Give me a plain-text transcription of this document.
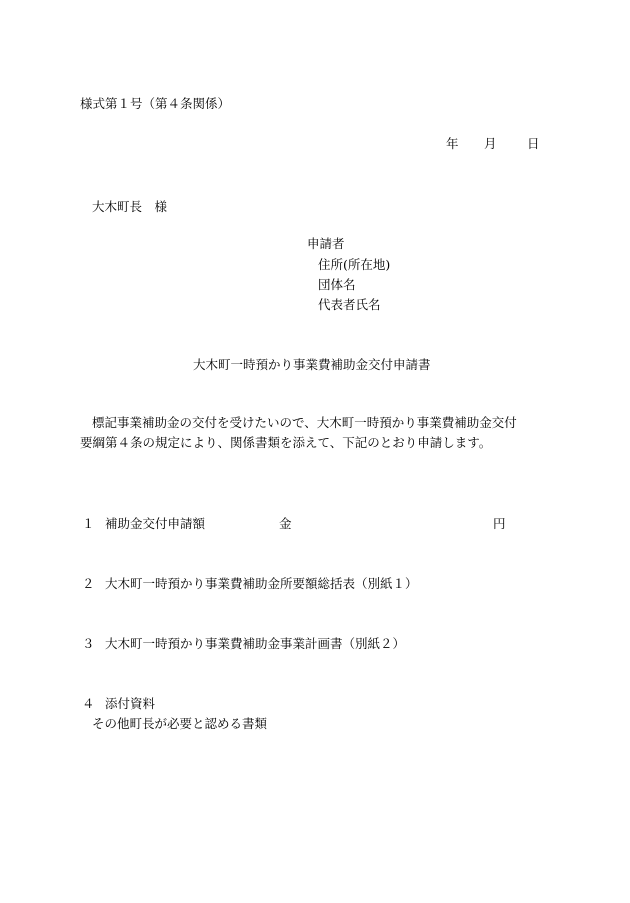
様式第１号（第４条関係）

年 月 日

大木町長　様

申請者

住所(所在地)

団体名

代表者氏名

大木町一時預かり事業費補助金交付申請書

標記事業補助金の交付を受けたいので、大木町一時預かり事業費補助金交付

要綱第４条の規定により、関係書類を添えて、下記のとおり申請します。

１ 補助金交付申請額	金	円
２ 大木町一時預かり事業費補助金所要額総括表（別紙１）
３ 大木町一時預かり事業費補助金事業計画書（別紙２）
４ 添付資料
その他町長が必要と認める書類
